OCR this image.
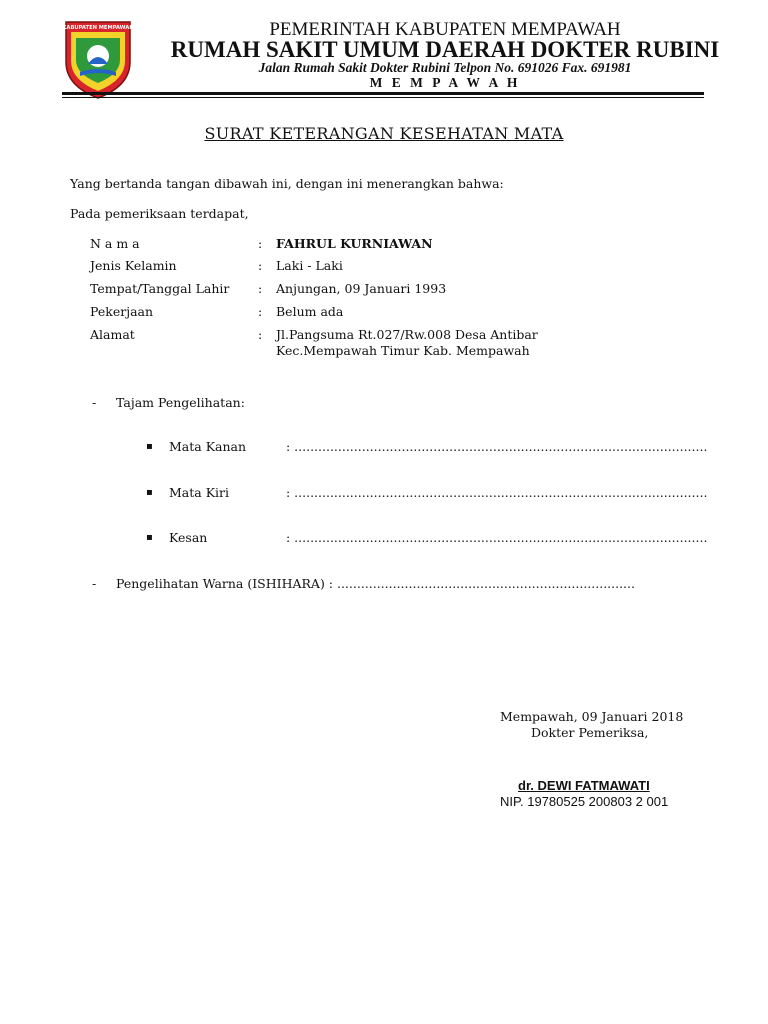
KABUPATEN MEMPAWAH	PEMERINTAH KABUPATEN MEMPAWAH
RUMAH SAKIT UMUM DAERAH DOKTER RUBINI
Jalan Rumah Sakit Dokter Rubini Telpon No. 691026 Fax. 691981
M E M P A W A H
SURAT KETERANGAN KESEHATAN MATA
Yang bertanda tangan dibawah ini, dengan ini menerangkan bahwa:
Pada pemeriksaan terdapat,
N a m a	: FAHRUL KURNIAWAN
Jenis Kelamin	: Laki - Laki
Tempat/Tanggal Lahir : Anjungan, 09 Januari 1993
Pekerjaan	: Belum ada
Alamat	: Jl.Pangsuma Rt.027/Rw.008 Desa Antibar
Kec.Mempawah Timur Kab. Mempawah
- Tajam Pengelihatan:
▪ Mata Kanan	: ........................................................................................................
▪ Mata Kiri	: ........................................................................................................
▪ Kesan	: ........................................................................................................
- Pengelihatan Warna (ISHIHARA) : ...........................................................................
Mempawah, 09 Januari 2018
Dokter Pemeriksa,
dr. DEWI FATMAWATI
NIP. 19780525 200803 2 001
